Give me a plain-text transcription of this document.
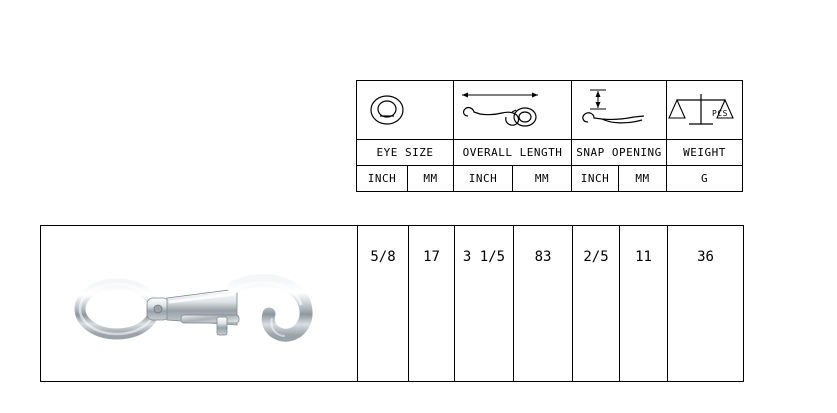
PCS

EYE SIZE		OVERALL LENGTH		SNAP OPENING		WEIGHT
INCH	MM	INCH	MM	INCH	MM	G

5/8	17	3 1/5	83	2/5	11	36
